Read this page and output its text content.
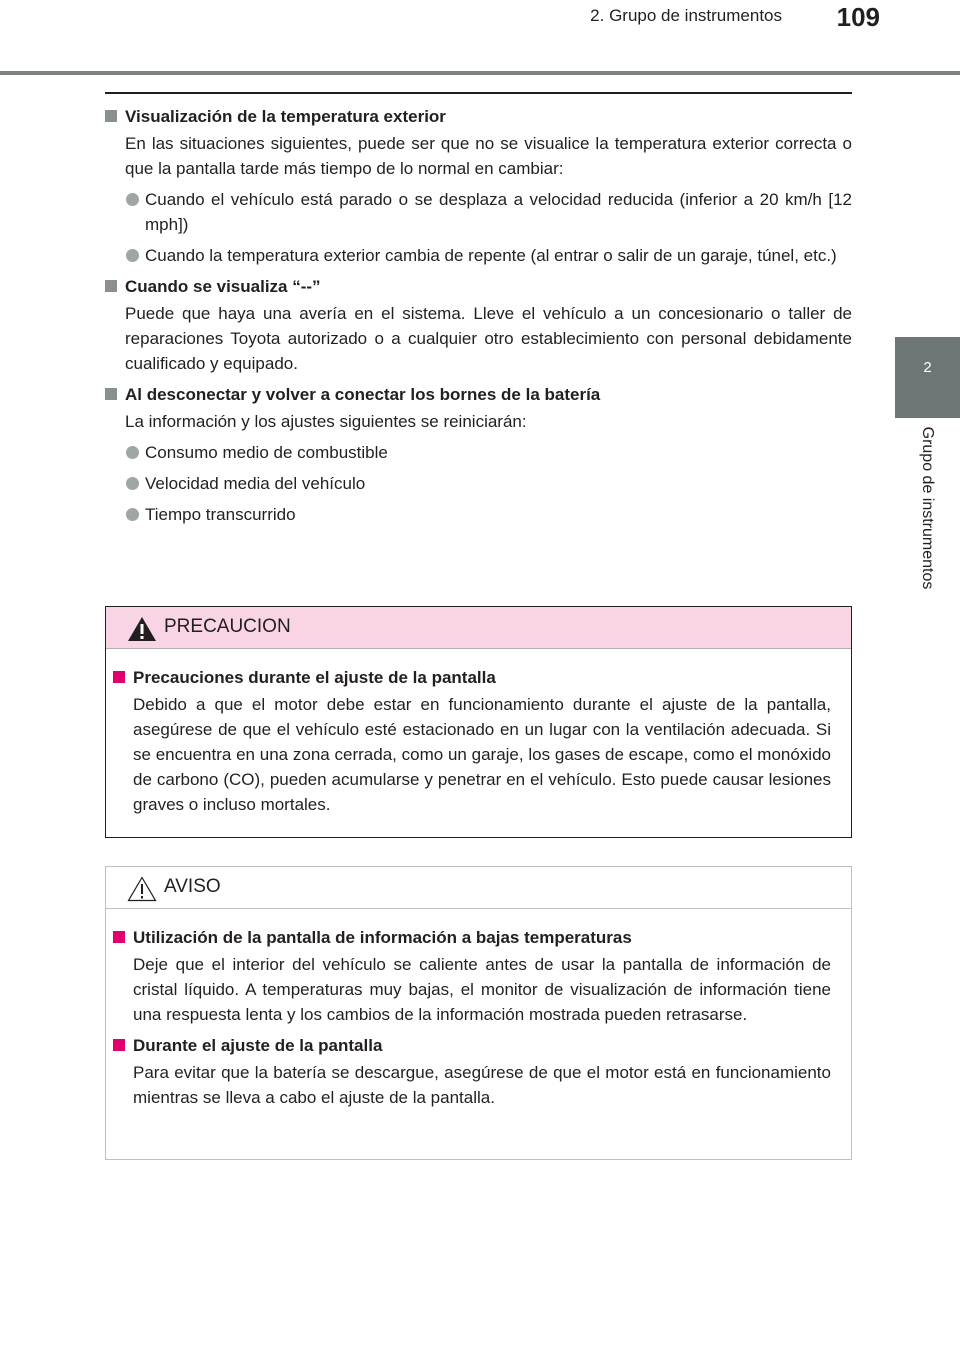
2. Grupo de instrumentos	109
2
Grupo de instrumentos
Visualización de la temperatura exterior
En las situaciones siguientes, puede ser que no se visualice la temperatura exterior correcta o que la pantalla tarde más tiempo de lo normal en cambiar:
Cuando el vehículo está parado o se desplaza a velocidad reducida (inferior a 20 km/h [12 mph])
Cuando la temperatura exterior cambia de repente (al entrar o salir de un garaje, túnel, etc.)
Cuando se visualiza “--”
Puede que haya una avería en el sistema. Lleve el vehículo a un concesionario o taller de reparaciones Toyota autorizado o a cualquier otro establecimiento con personal debidamente cualificado y equipado.
Al desconectar y volver a conectar los bornes de la batería
La información y los ajustes siguientes se reiniciarán:
Consumo medio de combustible
Velocidad media del vehículo
Tiempo transcurrido
PRECAUCION
Precauciones durante el ajuste de la pantalla
Debido a que el motor debe estar en funcionamiento durante el ajuste de la pantalla, asegúrese de que el vehículo esté estacionado en un lugar con la ventilación adecuada. Si se encuentra en una zona cerrada, como un garaje, los gases de escape, como el monóxido de carbono (CO), pueden acumularse y penetrar en el vehículo. Esto puede causar lesiones graves o incluso mortales.
AVISO
Utilización de la pantalla de información a bajas temperaturas
Deje que el interior del vehículo se caliente antes de usar la pantalla de información de cristal líquido. A temperaturas muy bajas, el monitor de visualización de información tiene una respuesta lenta y los cambios de la información mostrada pueden retrasarse.
Durante el ajuste de la pantalla
Para evitar que la batería se descargue, asegúrese de que el motor está en funcionamiento mientras se lleva a cabo el ajuste de la pantalla.
